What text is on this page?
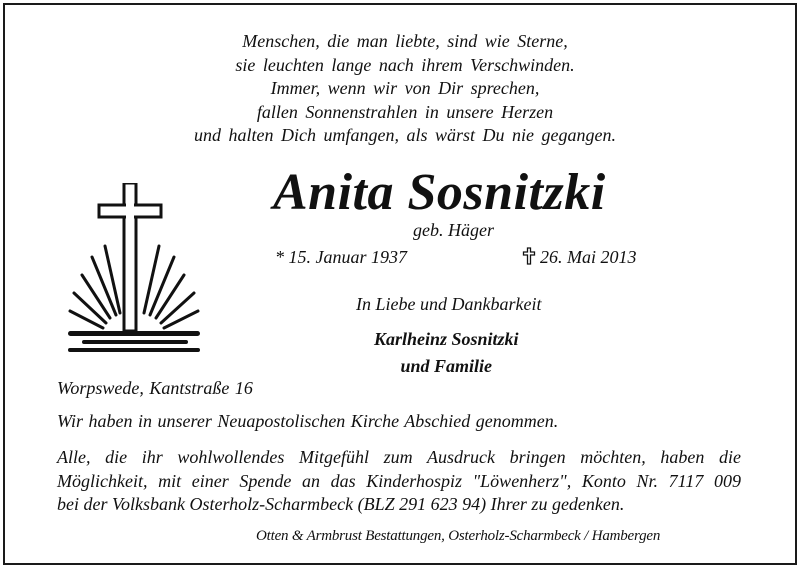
Menschen, die man liebte, sind wie Sterne,
sie leuchten lange nach ihrem Verschwinden.
Immer, wenn wir von Dir sprechen,
fallen Sonnenstrahlen in unsere Herzen
und halten Dich umfangen, als wärst Du nie gegangen.
Anita Sosnitzki
geb. Häger
* 15. Januar 1937	26. Mai 2013
In Liebe und Dankbarkeit
Karlheinz Sosnitzki
und Familie
Worpswede, Kantstraße 16
Wir haben in unserer Neuapostolischen Kirche Abschied genommen.
Alle, die ihr wohlwollendes Mitgefühl zum Ausdruck bringen möchten, haben die
Möglichkeit, mit einer Spende an das Kinderhospiz "Löwenherz", Konto Nr. 7117 009
bei der Volksbank Osterholz-Scharmbeck (BLZ 291 623 94) Ihrer zu gedenken.
Otten & Armbrust Bestattungen, Osterholz-Scharmbeck / Hambergen
